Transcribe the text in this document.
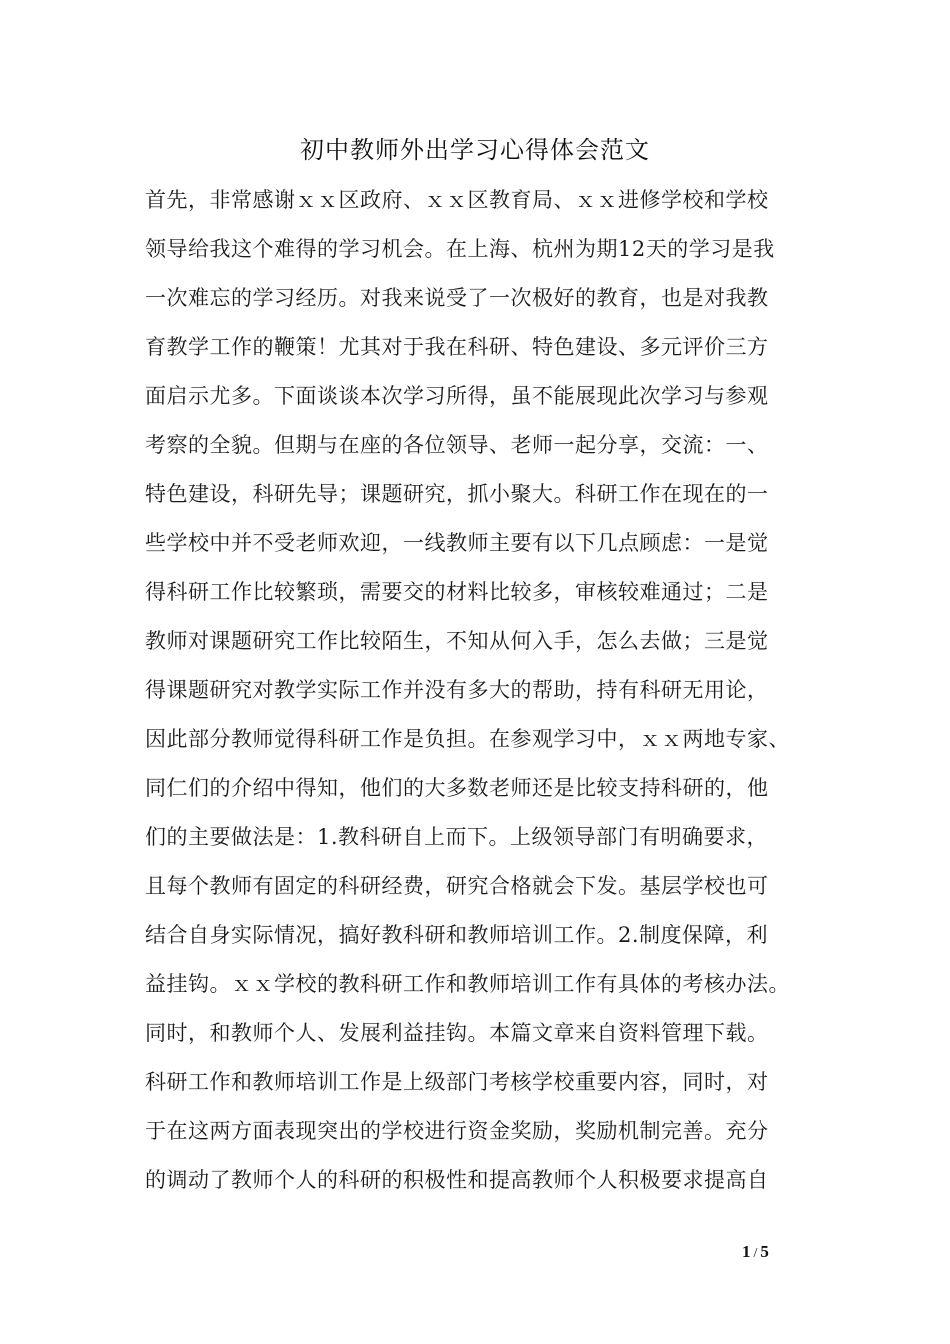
初中教师外出学习心得体会范文
首先，非常感谢ｘｘ区政府、ｘｘ区教育局、ｘｘ进修学校和学校
领导给我这个难得的学习机会。在上海、杭州为期12天的学习是我
一次难忘的学习经历。对我来说受了一次极好的教育，也是对我教
育教学工作的鞭策！尤其对于我在科研、特色建设、多元评价三方
面启示尤多。下面谈谈本次学习所得，虽不能展现此次学习与参观
考察的全貌。但期与在座的各位领导、老师一起分享，交流：一、
特色建设，科研先导；课题研究，抓小聚大。科研工作在现在的一
些学校中并不受老师欢迎，一线教师主要有以下几点顾虑：一是觉
得科研工作比较繁琐，需要交的材料比较多，审核较难通过；二是
教师对课题研究工作比较陌生，不知从何入手，怎么去做；三是觉
得课题研究对教学实际工作并没有多大的帮助，持有科研无用论，
因此部分教师觉得科研工作是负担。在参观学习中，ｘｘ两地专家、
同仁们的介绍中得知，他们的大多数老师还是比较支持科研的，他
们的主要做法是：1.教科研自上而下。上级领导部门有明确要求，
且每个教师有固定的科研经费，研究合格就会下发。基层学校也可
结合自身实际情况，搞好教科研和教师培训工作。2.制度保障，利
益挂钩。ｘｘ学校的教科研工作和教师培训工作有具体的考核办法。
同时，和教师个人、发展利益挂钩。本篇文章来自资料管理下载。
科研工作和教师培训工作是上级部门考核学校重要内容，同时，对
于在这两方面表现突出的学校进行资金奖励，奖励机制完善。充分
的调动了教师个人的科研的积极性和提高教师个人积极要求提高自
1 / 5
